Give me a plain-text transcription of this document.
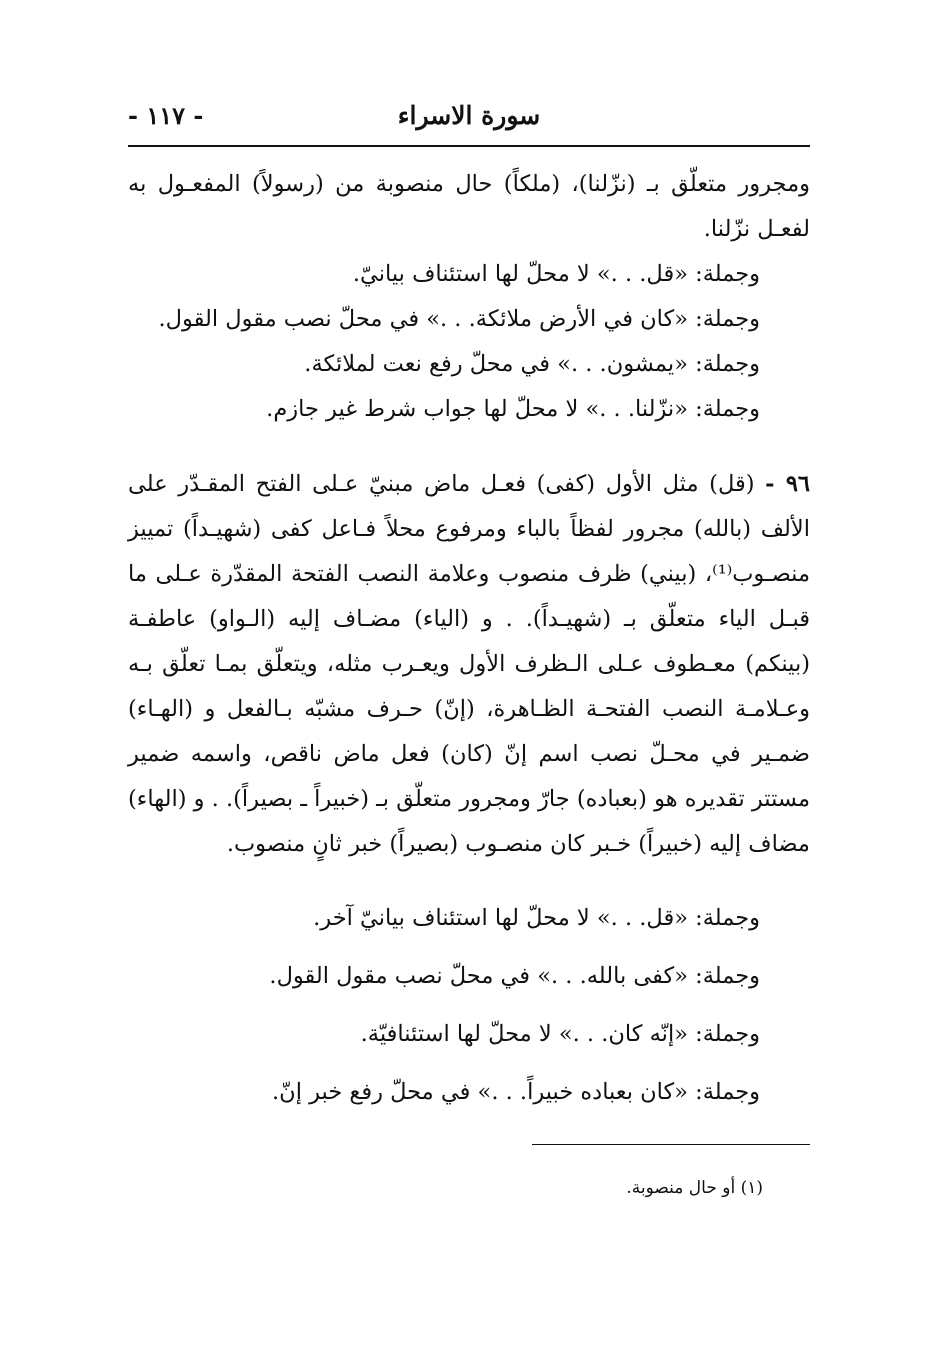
- ١١٧ -	سورة الاسراء

ومجرور متعلّق بـ (نزّلنا)، (ملكاً) حال منصوبة من (رسولاً) المفعـول به لفعـل نزّلنا.

وجملة: «قل. . .» لا محلّ لها استئناف بيانيّ.
وجملة: «كان في الأرض ملائكة. . .» في محلّ نصب مقول القول.
وجملة: «يمشون. . .» في محلّ رفع نعت لملائكة.
وجملة: «نزّلنا. . .» لا محلّ لها جواب شرط غير جازم.

٩٦ - (قل) مثل الأول (كفى) فعـل ماض مبنيّ عـلى الفتح المقـدّر على الألف (بالله) مجرور لفظاً بالباء ومرفوع محلاً فـاعل كفى (شهيـداً) تمييز منصـوب⁽¹⁾، (بيني) ظرف منصوب وعلامة النصب الفتحة المقدّرة عـلى ما قبـل الياء متعلّق بـ (شهيـداً). . و (الياء) مضـاف إليه (الـواو) عاطفـة (بينكم) معـطوف عـلى الـظرف الأول ويعـرب مثله، ويتعلّق بمـا تعلّق بـه وعـلامـة النصب الفتحـة الظـاهرة، (إنّ) حـرف مشبّه بـالفعل و (الهـاء) ضمـير في محـلّ نصب اسم إنّ (كان) فعل ماض ناقص، واسمه ضمير مستتر تقديره هو (بعباده) جارّ ومجرور متعلّق بـ (خبيراً ـ بصيراً). . و (الهاء) مضاف إليه (خبيراً) خـبر كان منصـوب (بصيراً) خبر ثانٍ منصوب.

وجملة: «قل. . .» لا محلّ لها استئناف بيانيّ آخر.
وجملة: «كفى بالله. . .» في محلّ نصب مقول القول.
وجملة: «إنّه كان. . .» لا محلّ لها استئنافيّة.
وجملة: «كان بعباده خبيراً. . .» في محلّ رفع خبر إنّ.
(١) أو حال منصوبة.
